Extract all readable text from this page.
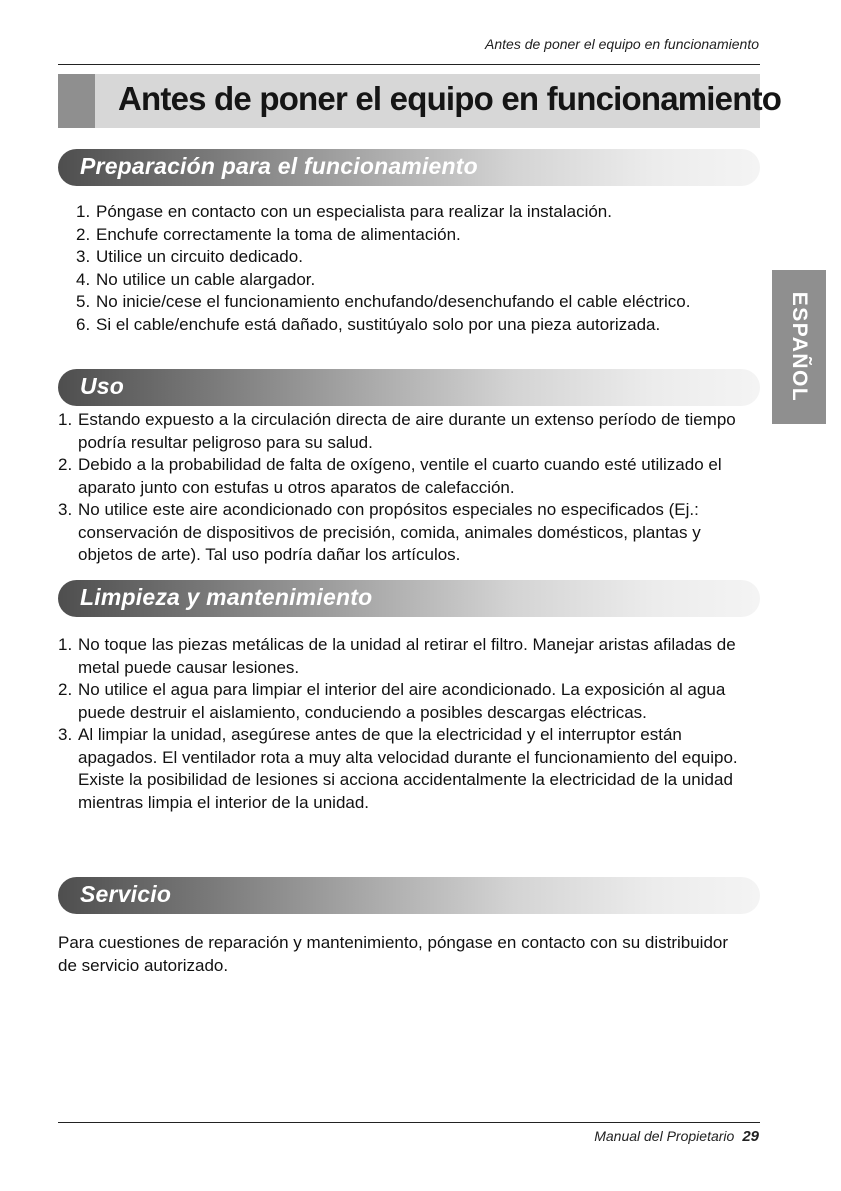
Antes de poner el equipo en funcionamiento
Antes de poner el equipo en funcionamiento
Preparación para el funcionamiento
1. Póngase en contacto con un especialista para realizar la instalación.
2. Enchufe correctamente la toma de alimentación.
3. Utilice un circuito dedicado.
4. No utilice un cable alargador.
5. No inicie/cese el funcionamiento enchufando/desenchufando el cable eléctrico.
6. Si el cable/enchufe está dañado, sustitúyalo solo por una pieza autorizada.
Uso
1. Estando expuesto a la circulación directa de aire durante un extenso período de tiempo podría resultar peligroso para su salud.
2. Debido a la probabilidad de falta de oxígeno, ventile el cuarto cuando esté utilizado el aparato junto con estufas u otros aparatos de calefacción.
3. No utilice este aire acondicionado con propósitos especiales no especificados (Ej.: conservación de dispositivos de precisión, comida, animales domésticos, plantas y objetos de arte). Tal uso podría dañar los artículos.
Limpieza y mantenimiento
1. No toque las piezas metálicas de la unidad al retirar el filtro. Manejar aristas afiladas de metal puede causar lesiones.
2. No utilice el agua para limpiar el interior del aire acondicionado. La exposición al agua puede destruir el aislamiento, conduciendo a posibles descargas eléctricas.
3. Al limpiar la unidad, asegúrese antes de que la electricidad y el interruptor están apagados. El ventilador rota a muy alta velocidad durante el funcionamiento del equipo. Existe la posibilidad de lesiones si acciona accidentalmente la electricidad de la unidad mientras limpia el interior de la unidad.
Servicio

Para cuestiones de reparación y mantenimiento, póngase en contacto con su distribuidor de servicio autorizado.

ESPAÑOL
Manual del Propietario 29
